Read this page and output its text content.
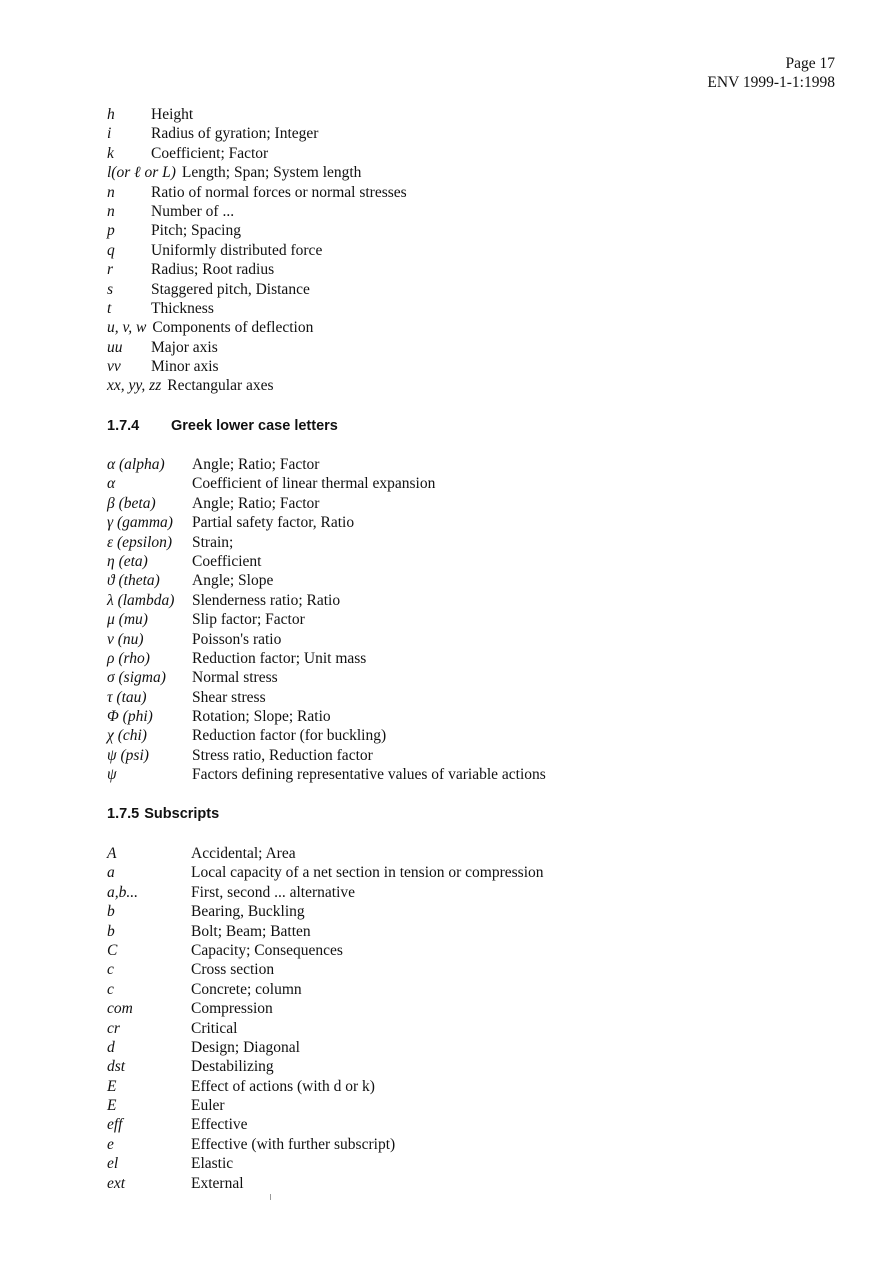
Page 17
ENV 1999-1-1:1998
h	Height
i	Radius of gyration; Integer
k	Coefficient; Factor
l(or ℓ or L) Length; Span; System length
n	Ratio of normal forces or normal stresses
n	Number of ...
p	Pitch; Spacing
q	Uniformly distributed force
r	Radius; Root radius
s	Staggered pitch, Distance
t	Thickness
u, v, w Components of deflection
uu	Major axis
vv	Minor axis
xx, yy, zz Rectangular axes
1.7.4 Greek lower case letters
α (alpha)	Angle; Ratio; Factor
α	Coefficient of linear thermal expansion
β (beta)	Angle; Ratio; Factor
γ (gamma)	Partial safety factor, Ratio
ε (epsilon)	Strain;
η (eta)	Coefficient
ϑ (theta)	Angle; Slope
λ (lambda)	Slenderness ratio; Ratio
μ (mu)	Slip factor; Factor
ν (nu)	Poisson's ratio
ρ (rho)	Reduction factor; Unit mass
σ (sigma)	Normal stress
τ (tau)	Shear stress
Φ (phi)	Rotation; Slope; Ratio
χ (chi)	Reduction factor (for buckling)
ψ (psi)	Stress ratio, Reduction factor
ψ	Factors defining representative values of variable actions
1.7.5 Subscripts
A	Accidental; Area
a	Local capacity of a net section in tension or compression
a,b...	First, second ... alternative
b	Bearing, Buckling
b	Bolt; Beam; Batten
C	Capacity; Consequences
c	Cross section
c	Concrete; column
com	Compression
cr	Critical
d	Design; Diagonal
dst	Destabilizing
E	Effect of actions (with d or k)
E	Euler
eff	Effective
e	Effective (with further subscript)
el	Elastic
ext	External
